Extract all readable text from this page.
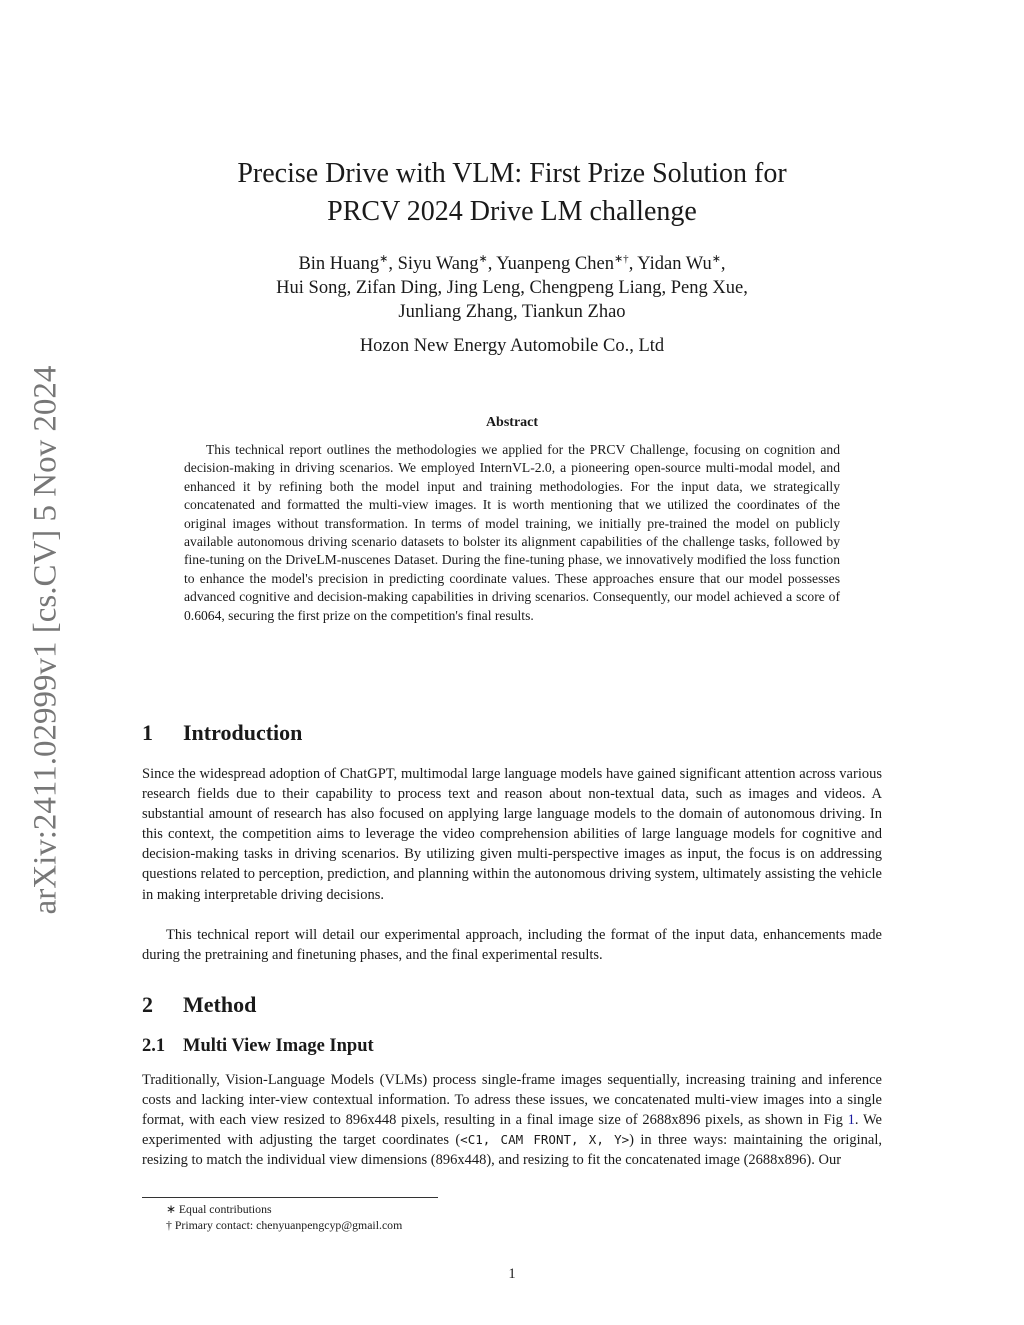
arXiv:2411.02999v1 [cs.CV] 5 Nov 2024
Precise Drive with VLM: First Prize Solution for
PRCV 2024 Drive LM challenge
Bin Huang∗, Siyu Wang∗, Yuanpeng Chen∗†, Yidan Wu∗,
Hui Song, Zifan Ding, Jing Leng, Chengpeng Liang, Peng Xue,
Junliang Zhang, Tiankun Zhao
Hozon New Energy Automobile Co., Ltd
Abstract

This technical report outlines the methodologies we applied for the PRCV Challenge, focusing on cognition and decision-making in driving scenarios. We employed InternVL-2.0, a pioneering open-source multi-modal model, and enhanced it by refining both the model input and training methodologies. For the input data, we strategically concatenated and formatted the multi-view images. It is worth mentioning that we utilized the coordinates of the original images without transformation. In terms of model training, we initially pre-trained the model on publicly available autonomous driving scenario datasets to bolster its alignment capabilities of the challenge tasks, followed by fine-tuning on the DriveLM-nuscenes Dataset. During the fine-tuning phase, we innovatively modified the loss function to enhance the model's precision in predicting coordinate values. These approaches ensure that our model possesses advanced cognitive and decision-making capabilities in driving scenarios. Consequently, our model achieved a score of 0.6064, securing the first prize on the competition's final results.

1 Introduction

Since the widespread adoption of ChatGPT, multimodal large language models have gained significant attention across various research fields due to their capability to process text and reason about non-textual data, such as images and videos. A substantial amount of research has also focused on applying large language models to the domain of autonomous driving. In this context, the competition aims to leverage the video comprehension abilities of large language models for cognitive and decision-making tasks in driving scenarios. By utilizing given multi-perspective images as input, the focus is on addressing questions related to perception, prediction, and planning within the autonomous driving system, ultimately assisting the vehicle in making interpretable driving decisions.

This technical report will detail our experimental approach, including the format of the input data, enhancements made during the pretraining and finetuning phases, and the final experimental results.

2 Method
2.1 Multi View Image Input

Traditionally, Vision-Language Models (VLMs) process single-frame images sequentially, increasing training and inference costs and lacking inter-view contextual information. To adress these issues, we concatenated multi-view images into a single format, with each view resized to 896x448 pixels, resulting in a final image size of 2688x896 pixels, as shown in Fig 1. We experimented with adjusting the target coordinates (<C1, CAM FRONT, X, Y>) in three ways: maintaining the original, resizing to match the individual view dimensions (896x448), and resizing to fit the concatenated image (2688x896). Our

∗ Equal contributions
† Primary contact: chenyuanpengcyp@gmail.com
1
